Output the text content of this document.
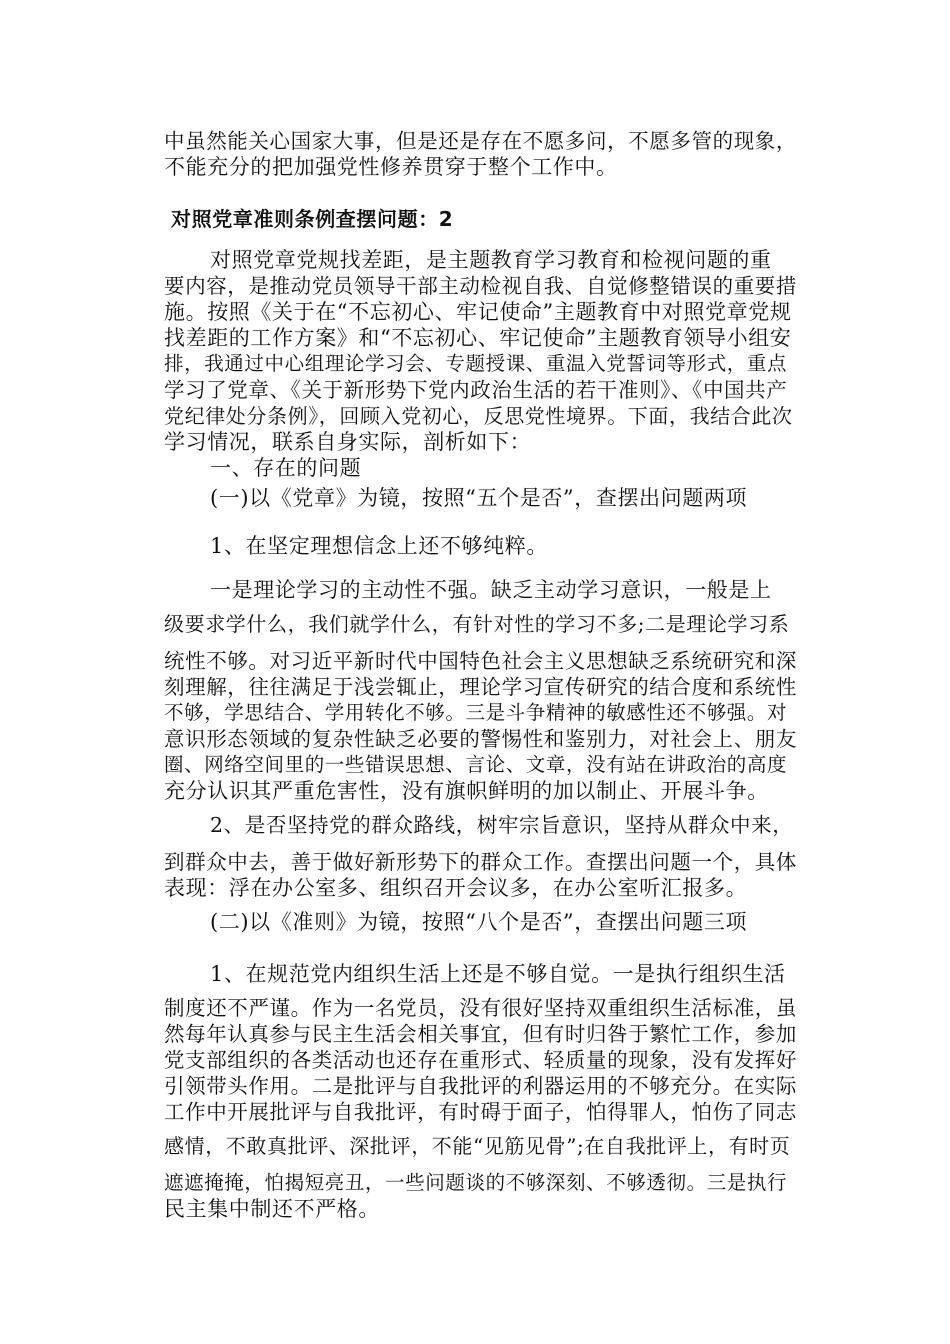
中虽然能关心国家大事，但是还是存在不愿多问，不愿多管的现象，
不能充分的把加强党性修养贯穿于整个工作中。
对照党章准则条例查摆问题：2
对照党章党规找差距，是主题教育学习教育和检视问题的重
要内容，是推动党员领导干部主动检视自我、自觉修整错误的重要措
施。按照《关于在“不忘初心、牢记使命”主题教育中对照党章党规
找差距的工作方案》和“不忘初心、牢记使命”主题教育领导小组安
排，我通过中心组理论学习会、专题授课、重温入党誓词等形式，重点
学习了党章、《关于新形势下党内政治生活的若干准则》、《中国共产
党纪律处分条例》，回顾入党初心，反思党性境界。下面，我结合此次
学习情况，联系自身实际，剖析如下：
一、存在的问题
(一)以《党章》为镜，按照“五个是否”，查摆出问题两项
1、在坚定理想信念上还不够纯粹。
一是理论学习的主动性不强。缺乏主动学习意识，一般是上
级要求学什么，我们就学什么，有针对性的学习不多;二是理论学习系
统性不够。对习近平新时代中国特色社会主义思想缺乏系统研究和深
刻理解，往往满足于浅尝辄止，理论学习宣传研究的结合度和系统性
不够，学思结合、学用转化不够。三是斗争精神的敏感性还不够强。对
意识形态领域的复杂性缺乏必要的警惕性和鉴别力，对社会上、朋友
圈、网络空间里的一些错误思想、言论、文章，没有站在讲政治的高度
充分认识其严重危害性，没有旗帜鲜明的加以制止、开展斗争。
2、是否坚持党的群众路线，树牢宗旨意识，坚持从群众中来，
到群众中去，善于做好新形势下的群众工作。查摆出问题一个，具体
表现：浮在办公室多、组织召开会议多，在办公室听汇报多。
(二)以《准则》为镜，按照“八个是否”，查摆出问题三项
1、在规范党内组织生活上还是不够自觉。一是执行组织生活
制度还不严谨。作为一名党员，没有很好坚持双重组织生活标准，虽
然每年认真参与民主生活会相关事宜，但有时归咎于繁忙工作，参加
党支部组织的各类活动也还存在重形式、轻质量的现象，没有发挥好
引领带头作用。二是批评与自我批评的利器运用的不够充分。在实际
工作中开展批评与自我批评，有时碍于面子，怕得罪人，怕伤了同志
感情，不敢真批评、深批评，不能“见筋见骨”;在自我批评上，有时页
遮遮掩掩，怕揭短亮丑，一些问题谈的不够深刻、不够透彻。三是执行
民主集中制还不严格。
